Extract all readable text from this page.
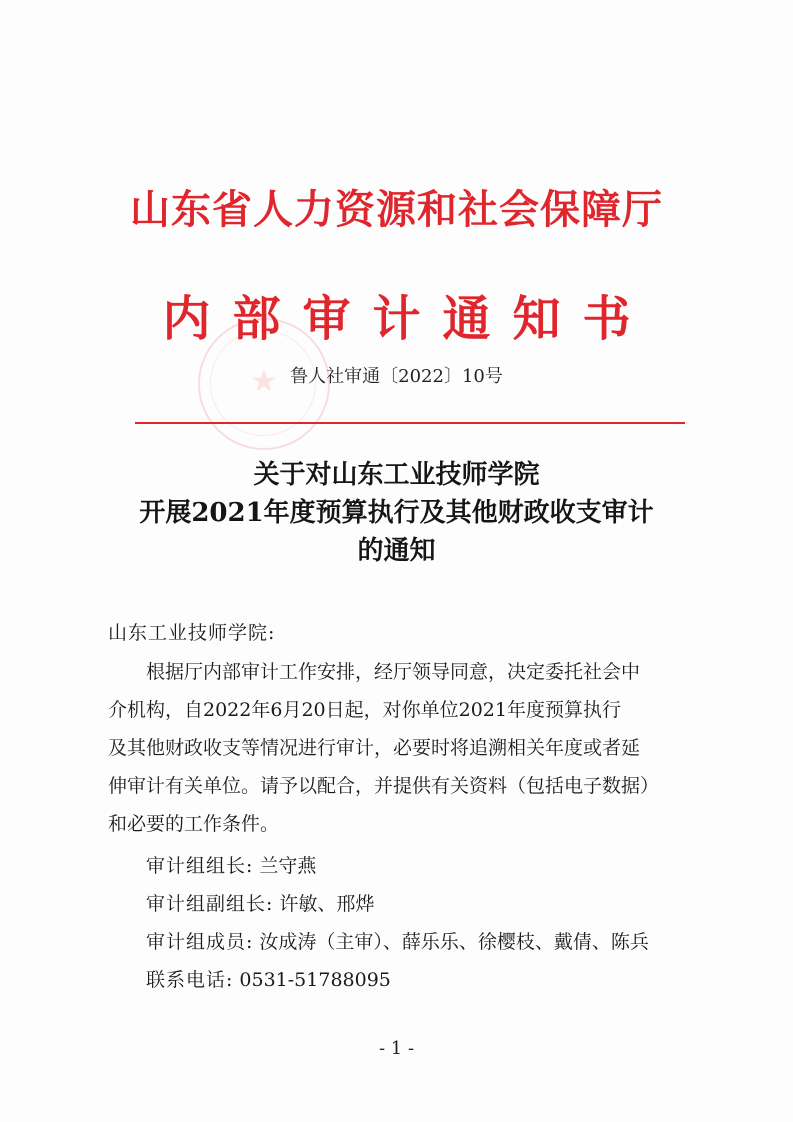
★
山东省人力资源和社会保障厅
内部审计通知书
鲁人社审通〔2022〕10号
关于对山东工业技师学院
开展2021年度预算执行及其他财政收支审计
的通知
山东工业技师学院:
根据厅内部审计工作安排，经厅领导同意，决定委托社会中
介机构，自2022年6月20日起，对你单位2021年度预算执行
及其他财政收支等情况进行审计，必要时将追溯相关年度或者延
伸审计有关单位。请予以配合，并提供有关资料（包括电子数据）
和必要的工作条件。
审计组组长: 兰守燕
审计组副组长: 许敏、邢烨
审计组成员: 汝成涛（主审）、薛乐乐、徐樱枝、戴倩、陈兵
联系电话: 0531-51788095
- 1 -
